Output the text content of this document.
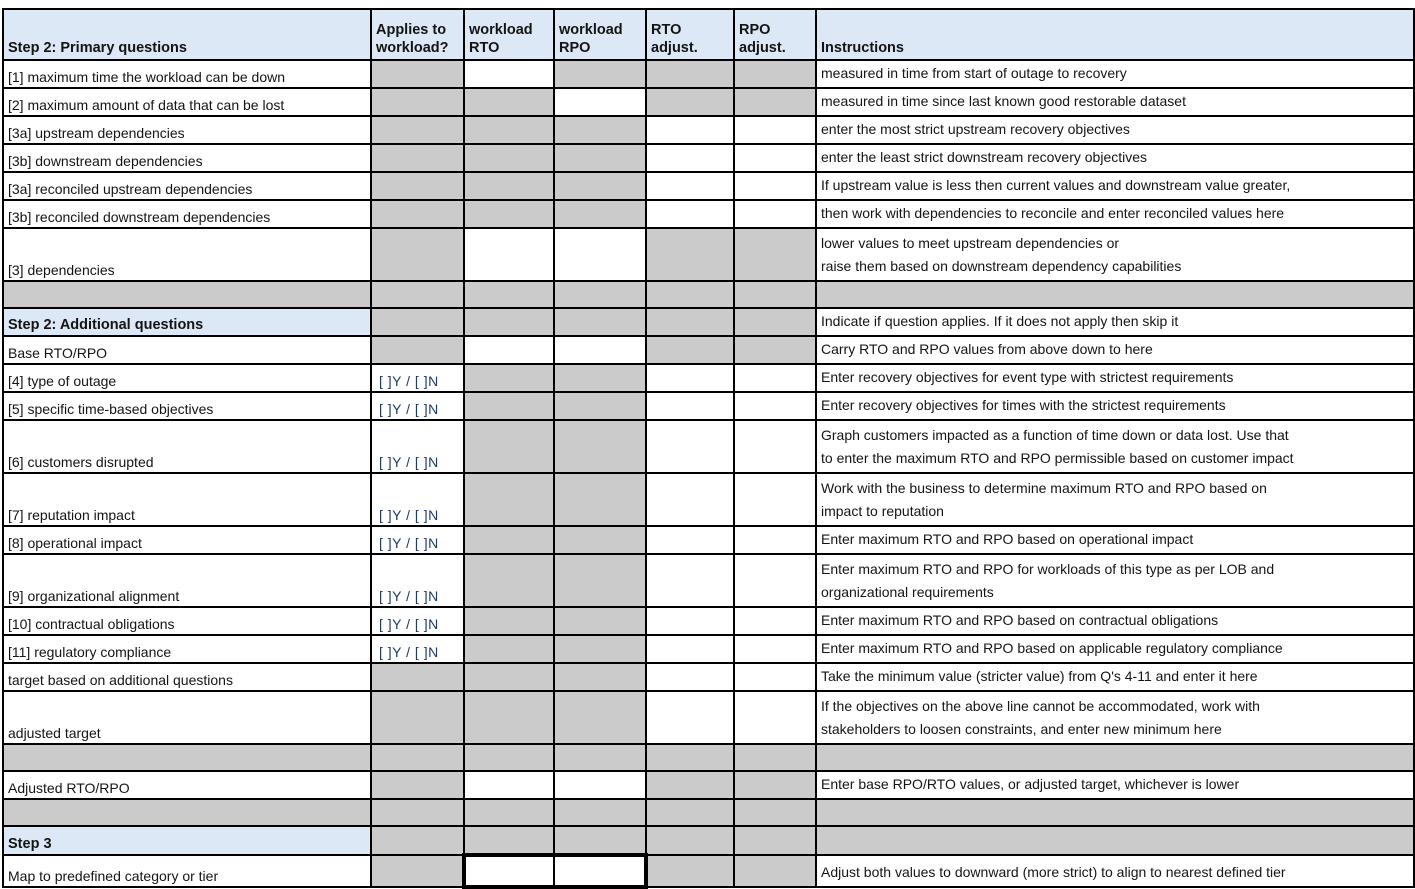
Step 2: Primary questions	Applies to workload?	workload RTO	workload RPO	RTO adjust.	RPO adjust.	Instructions
[1] maximum time the workload can be down						measured in time from start of outage to recovery

[2] maximum amount of data that can be lost						measured in time since last known good restorable dataset

[3a] upstream dependencies						enter the most strict upstream recovery objectives

[3b] downstream dependencies						enter the least strict downstream recovery objectives

[3a] reconciled upstream dependencies						If upstream value is less then current values and downstream value greater,

[3b] reconciled downstream dependencies						then work with dependencies to reconcile and enter reconciled values here

[3] dependencies						lower values to meet upstream dependencies or
raise them based on downstream dependency capabilities

Step 2: Additional questions						Indicate if question applies. If it does not apply then skip it

Base RTO/RPO						Carry RTO and RPO values from above down to here

[4] type of outage	[ ]Y / [ ]N					Enter recovery objectives for event type with strictest requirements

[5] specific time-based objectives	[ ]Y / [ ]N					Enter recovery objectives for times with the strictest requirements

[6] customers disrupted	[ ]Y / [ ]N					Graph customers impacted as a function of time down or data lost. Use that
to enter the maximum RTO and RPO permissible based on customer impact

[7] reputation impact	[ ]Y / [ ]N					Work with the business to determine maximum RTO and RPO based on
impact to reputation

[8] operational impact	[ ]Y / [ ]N					Enter maximum RTO and RPO based on operational impact

[9] organizational alignment	[ ]Y / [ ]N					Enter maximum RTO and RPO for workloads of this type as per LOB and
organizational requirements

[10] contractual obligations	[ ]Y / [ ]N					Enter maximum RTO and RPO based on contractual obligations

[11] regulatory compliance	[ ]Y / [ ]N					Enter maximum RTO and RPO based on applicable regulatory compliance

target based on additional questions						Take the minimum value (stricter value) from Q's 4-11 and enter it here

adjusted target						If the objectives on the above line cannot be accommodated, work with
stakeholders to loosen constraints, and enter new minimum here

Adjusted RTO/RPO						Enter base RPO/RTO values, or adjusted target, whichever is lower

Step 3						
Map to predefined category or tier						Adjust both values to downward (more strict) to align to nearest defined tier
